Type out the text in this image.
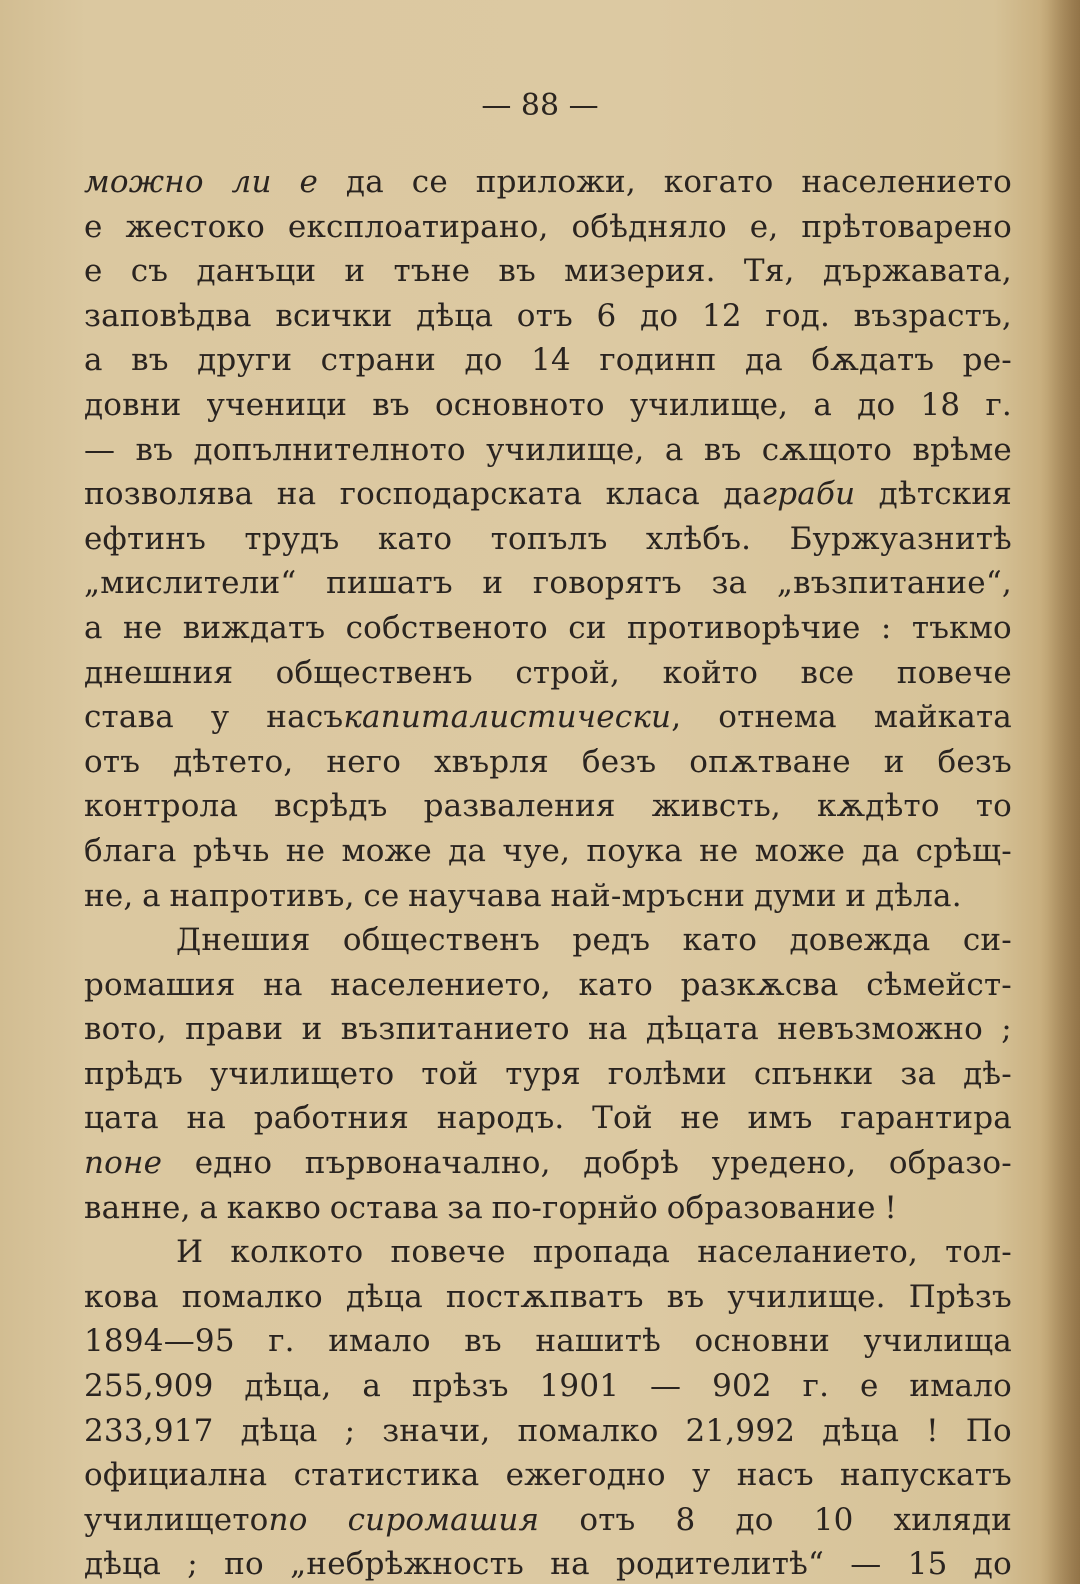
— 88 —
можно ли е да се приложи, когато населението
е жестоко експлоатирано, обѣдняло е, прѣтоварено
е съ данъци и тъне въ мизерия. Тя, държавата,
заповѣдва всички дѣца отъ 6 до 12 год. възрастъ,
а въ други страни до 14 годинп да бѫдатъ ре-
довни ученици въ основното училище, а до 18 г.
— въ допълнителното училище, а въ сѫщото врѣме
позволява на господарската класа даграби дѣтския
ефтинъ трудъ като топълъ хлѣбъ. Буржуазнитѣ
„мислители“ пишатъ и говорятъ за „възпитание“,
а не виждатъ собственото си противорѣчие : тъкмо
днешния общественъ строй, който все повече
става у насъкапиталистически, отнема майката
отъ дѣтето, него хвърля безъ опѫтване и безъ
контрола всрѣдъ разваления живсть, кѫдѣто то
блага рѣчь не може да чуе, поука не може да срѣщ-
не, а напротивъ, се научава най-мръсни думи и дѣла.
Днешия общественъ редъ като довежда си-
ромашия на населението, като разкѫсва сѣмейст-
вото, прави и възпитанието на дѣцата невъзможно ;
прѣдъ училището той туря голѣми спънки за дѣ-
цата на работния народъ. Той не имъ гарантира
поне едно първоначално, добрѣ уредено, образо-
ванне, а какво остава за по-горнйо образование !
И колкото повече пропада населанието, тол-
кова помалко дѣца постѫпватъ въ училище. Прѣзъ
1894—95 г. имало въ нашитѣ основни училища
255,909 дѣца, а прѣзъ 1901 — 902 г. е имало
233,917 дѣца ; значи, помалко 21,992 дѣца ! По
официална статистика ежегодно у насъ напускатъ
училищетопо сиромашия отъ 8 до 10 хиляди
дѣца ; по „небрѣжность на родителитѣ“ — 15 до
